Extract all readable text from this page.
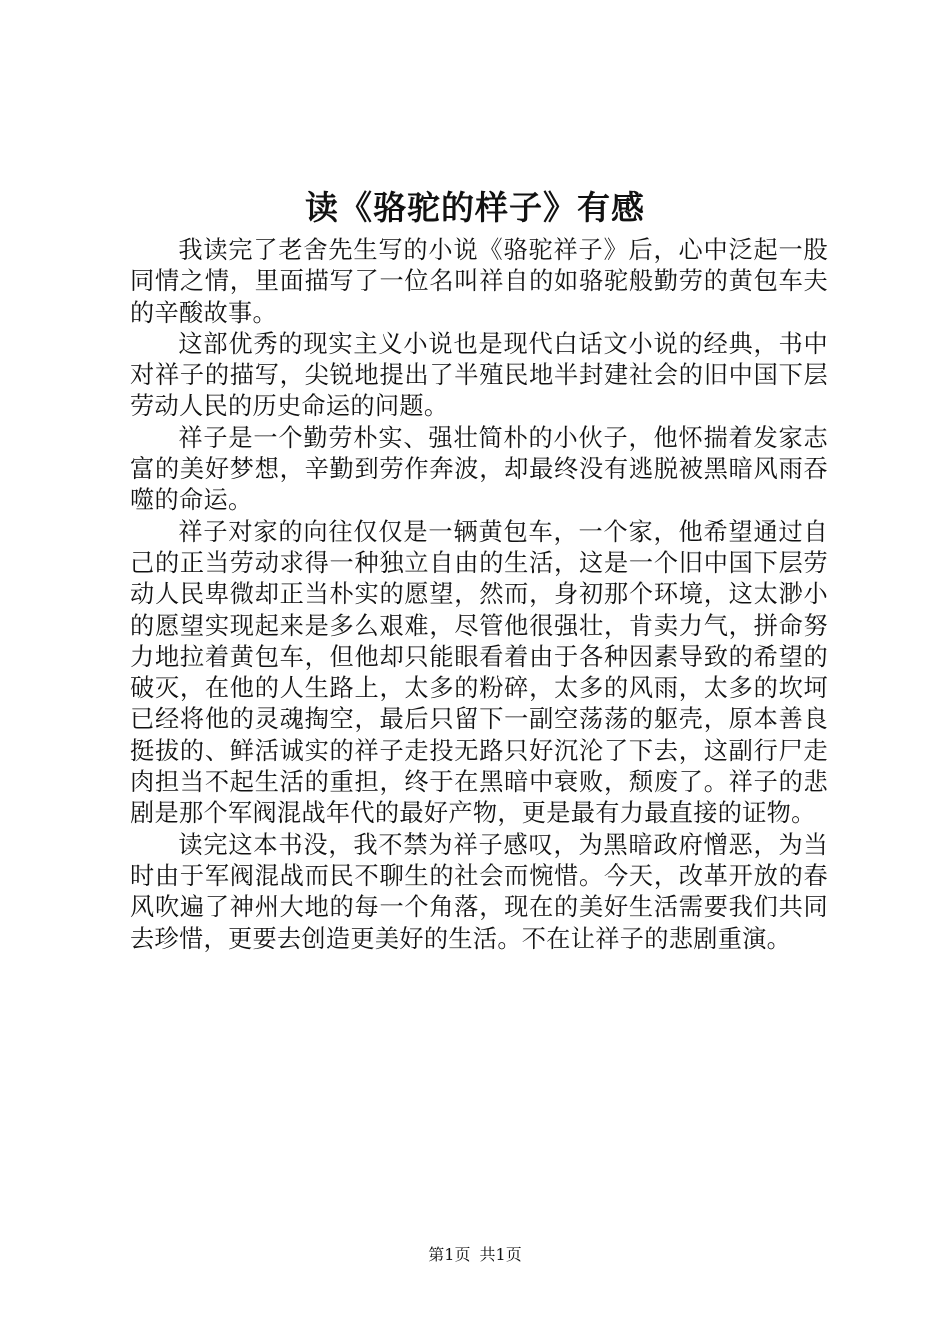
读《骆驼的样子》有感

我读完了老舍先生写的小说《骆驼祥子》后，心中泛起一股同情之情，里面描写了一位名叫祥自的如骆驼般勤劳的黄包车夫的辛酸故事。

这部优秀的现实主义小说也是现代白话文小说的经典，书中对祥子的描写，尖锐地提出了半殖民地半封建社会的旧中国下层劳动人民的历史命运的问题。

祥子是一个勤劳朴实、强壮简朴的小伙子，他怀揣着发家志富的美好梦想，辛勤到劳作奔波，却最终没有逃脱被黑暗风雨吞噬的命运。

祥子对家的向往仅仅是一辆黄包车，一个家，他希望通过自己的正当劳动求得一种独立自由的生活，这是一个旧中国下层劳动人民卑微却正当朴实的愿望，然而，身初那个环境，这太渺小的愿望实现起来是多么艰难，尽管他很强壮，肯卖力气，拼命努力地拉着黄包车，但他却只能眼看着由于各种因素导致的希望的破灭，在他的人生路上，太多的粉碎，太多的风雨，太多的坎坷已经将他的灵魂掏空，最后只留下一副空荡荡的躯壳，原本善良挺拔的、鲜活诚实的祥子走投无路只好沉沦了下去，这副行尸走肉担当不起生活的重担，终于在黑暗中衰败，颓废了。祥子的悲剧是那个军阀混战年代的最好产物，更是最有力最直接的证物。

读完这本书没，我不禁为祥子感叹，为黑暗政府憎恶，为当时由于军阀混战而民不聊生的社会而惋惜。今天，改革开放的春风吹遍了神州大地的每一个角落，现在的美好生活需要我们共同去珍惜，更要去创造更美好的生活。不在让祥子的悲剧重演。

第1页 共1页
